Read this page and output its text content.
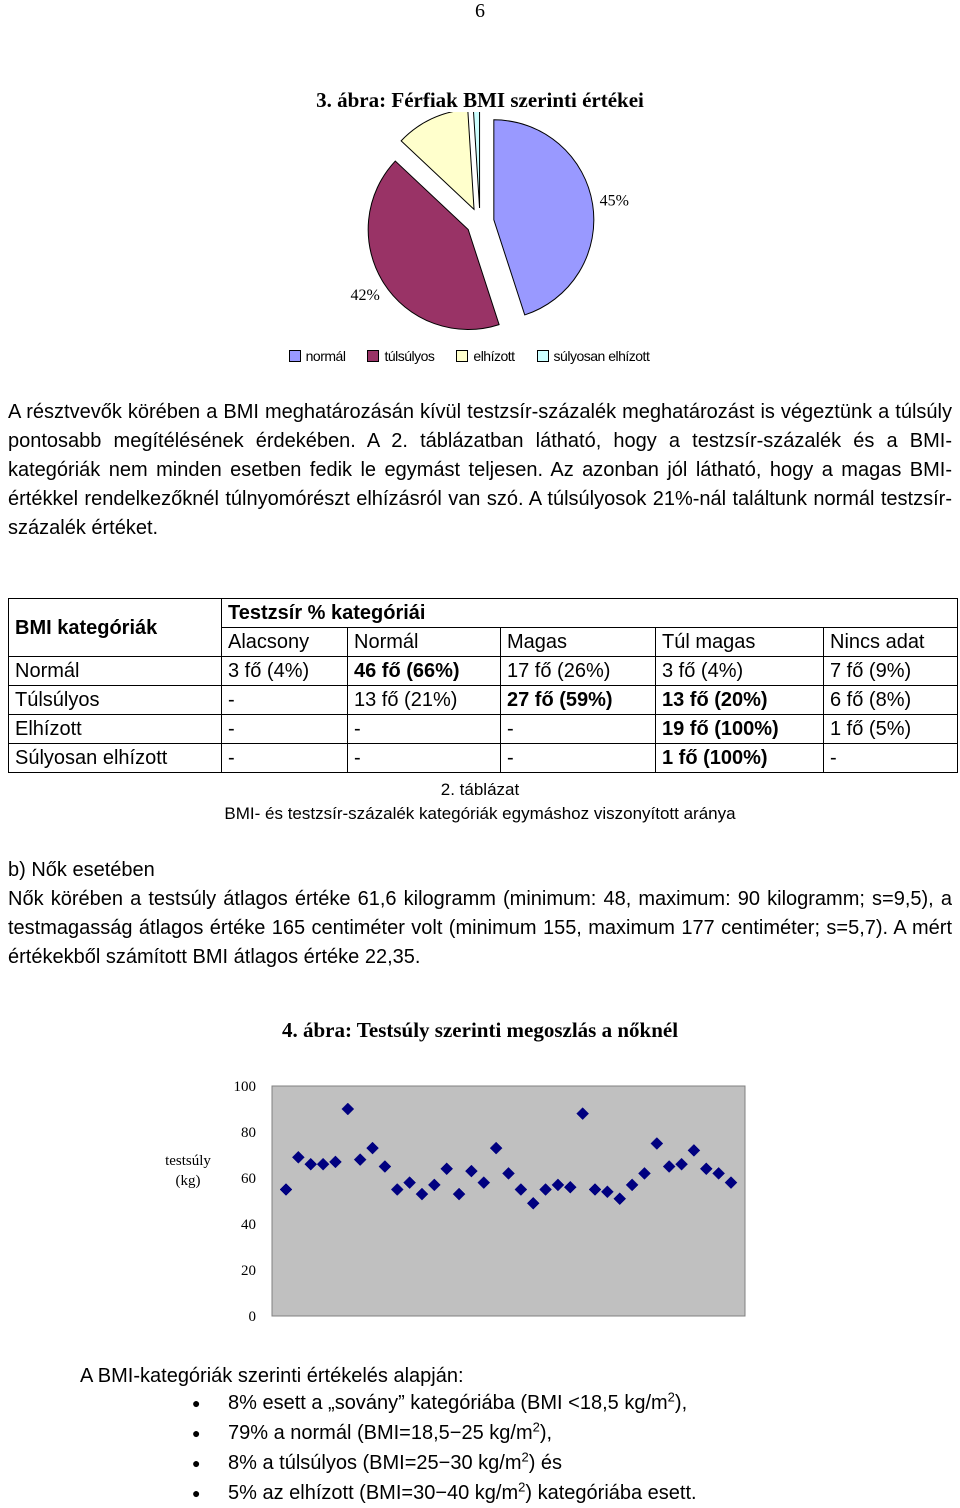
6
3. ábra: Férfiak BMI szerinti értékei
45%
42%
normál	túlsúlyos	elhízott	súlyosan elhízott
A résztvevők körében a BMI meghatározásán kívül testzsír-százalék meghatározást is végeztünk a túlsúly pontosabb megítélésének érdekében. A 2. táblázatban látható, hogy a testzsír-százalék és a BMI-kategóriák nem minden esetben fedik le egymást teljesen. Az azonban jól látható, hogy a magas BMI-értékkel rendelkezőknél túlnyomórészt elhízásról van szó. A túlsúlyosok 21%-nál találtunk normál testzsír-százalék értéket.
BMI kategóriák	Testzsír % kategóriái				
	Alacsony	Normál	Magas	Túl magas	Nincs adat
Normál	3 fő (4%)	46 fő (66%)	17 fő (26%)	3 fő (4%)	7 fő (9%)
Túlsúlyos	-	13 fő (21%)	27 fő (59%)	13 fő (20%)	6 fő (8%)
Elhízott	-	-	-	19 fő (100%)	1 fő (5%)
Súlyosan elhízott	-	-	-	1 fő (100%)	-
2. táblázat
BMI- és testzsír-százalék kategóriák egymáshoz viszonyított aránya
b) Nők esetében
Nők körében a testsúly átlagos értéke 61,6 kilogramm (minimum: 48, maximum: 90 kilogramm; s=9,5), a testmagasság átlagos értéke 165 centiméter volt (minimum 155, maximum 177 centiméter; s=5,7). A mért értékekből számított BMI átlagos értéke 22,35.
4. ábra: Testsúly szerinti megoszlás a nőknél
0
20
40
60
80
100
testsúly (kg)
A BMI-kategóriák szerinti értékelés alapján:
● 8% esett a „sovány” kategóriába (BMI <18,5 $kg/m^2$),
● 79% a normál (BMI=18,5−25 $kg/m^2$),
● 8% a túlsúlyos (BMI=25−30 $kg/m^2$) és
● 5% az elhízott (BMI=30−40 $kg/m^2$) kategóriába esett.
